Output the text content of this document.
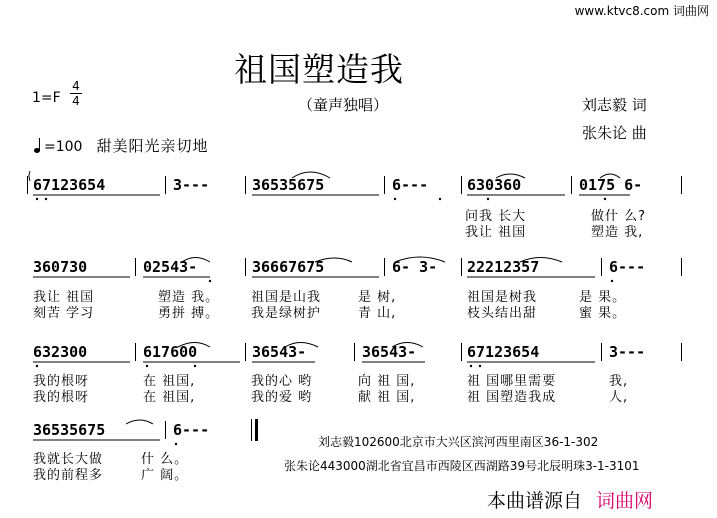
www.ktvc8.com 词曲网
祖国塑造我
（童声独唱）
1=F
4
4	刘志毅 词
张朱论 曲
=100 甜美阳光亲切地
67123654	3---	36535675	6---	630360	0175 6-
问我 长大	做什 么?
我让 祖国	塑造 我,
360730	02543-	36667675	6- 3- 22212357	6---
我让 祖国	塑造 我。 祖国是山我	是 树,	祖国是树我	是 果。
刻苦 学习	勇拼 搏。 我是绿树护	青 山,	枝头结出甜	蜜 果。
632300	617600	36543-	36543-	67123654	3---
我的根呀	在 祖国,	我的心 哟	向 祖 国,	祖 国哪里需要	我,
我的根呀	在 祖国,	我的爱 哟	献 祖 国,	祖 国塑造我成	人,
36535675	6---
我就长大做	什 么。
我的前程多	广 阔。
刘志毅102600北京市大兴区滨河西里南区36-1-302
张朱论443000湖北省宜昌市西陵区西湖路39号北辰明珠3-1-3101
本曲谱源自 词曲网
